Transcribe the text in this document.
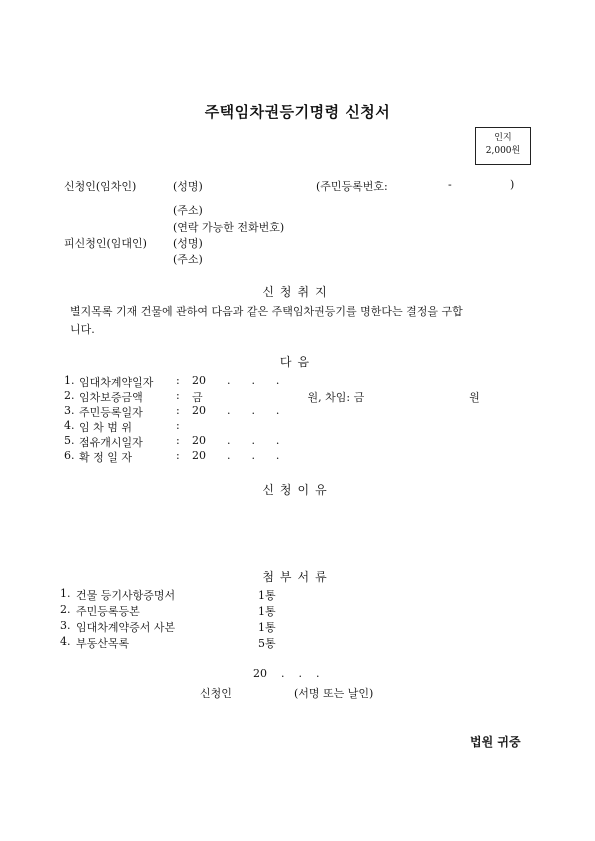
주택임차권등기명령 신청서
인지
2,000원
신청인(임차인)	(성명)	(주민등록번호:	-	)
(주소)
(연락 가능한 전화번호)
피신청인(임대인) (성명)
(주소)
신청취지
별지목록 기재 건물에 관하여 다음과 같은 주택임차권등기를 명한다는 결정을 구합
니다.
다음
1. 임대차계약일자 : 20      .      .      .
2. 임차보증금액	: 금                              원, 차임: 금                              원
3. 주민등록일자	: 20      .      .      .
4. 임 차 범 위	:
5. 점유개시일자	: 20      .      .      .
6. 확 정 일 자	: 20      .      .      .
신청이유
첨부서류
1. 건물 등기사항증명서	1통
2. 주민등록등본	1통
3. 임대차계약증서 사본	1통
4. 부동산목록	5통
20    .    .    .
신청인	(서명 또는 날인)
법원 귀중
